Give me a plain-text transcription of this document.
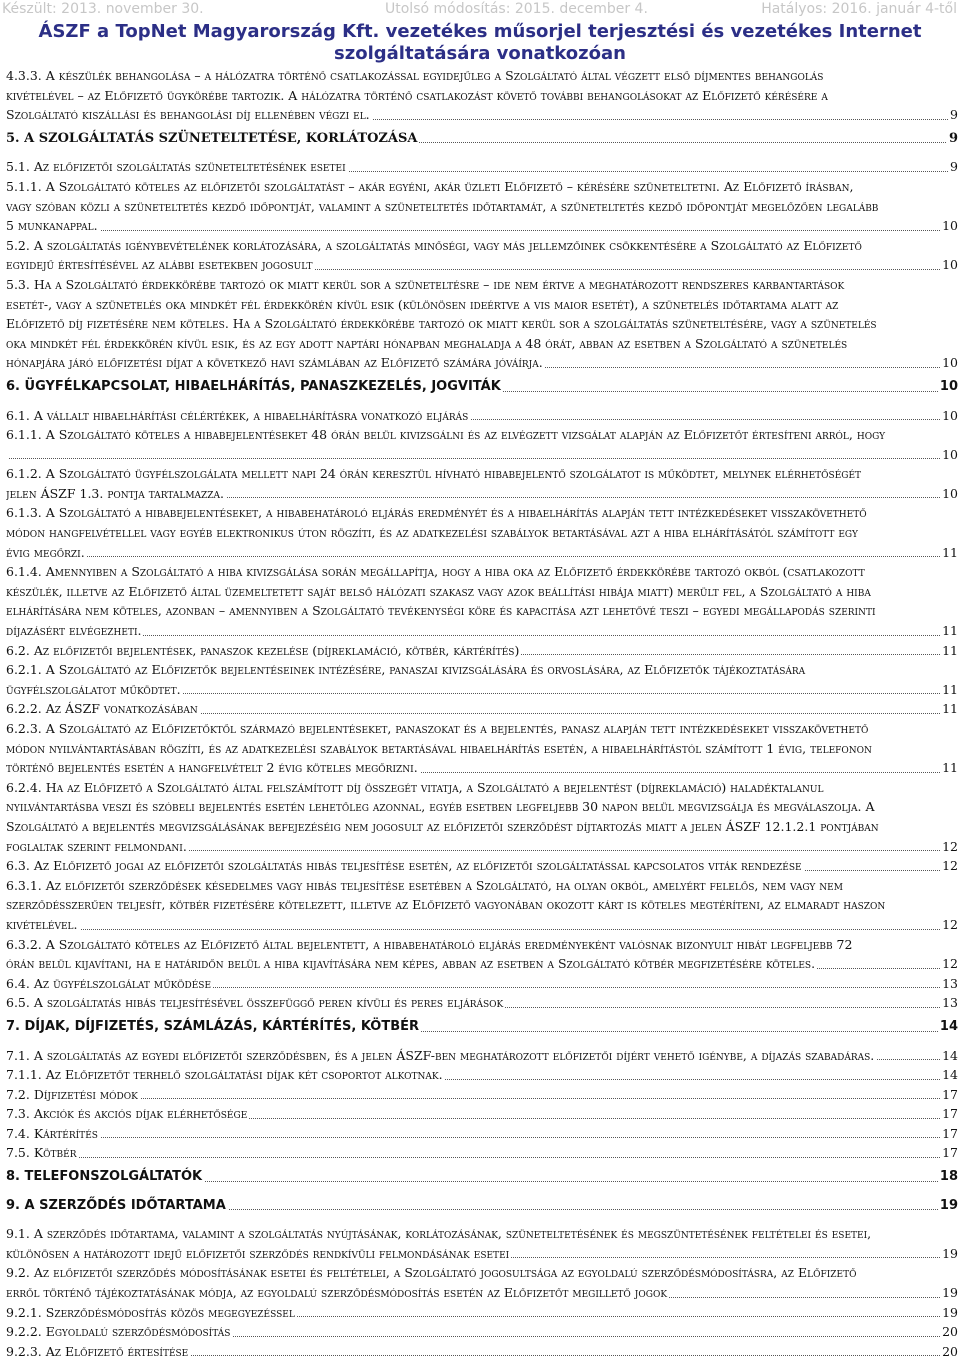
Készült: 2013. november 30.	Utolsó módosítás: 2015. december 4.	Hatályos: 2016. január 4-től
ÁSZF a TopNet Magyarország Kft. vezetékes műsorjel terjesztési és vezetékes Internet
szolgáltatására vonatkozóan
4.3.3. A készülék behangolása – a hálózatra történő csatlakozással egyidejűleg a Szolgáltató által végzett első díjmentes behangolás
kivételével – az Előfizető ügykörébe tartozik. A hálózatra történő csatlakozást követő további behangolásokat az Előfizető kérésére a
Szolgáltató kiszállási és behangolási díj ellenében végzi el.	9
5. A SZOLGÁLTATÁS SZÜNETELTETÉSE, KORLÁTOZÁSA	9
5.1. Az előfizetői szolgáltatás szüneteltetésének esetei	9
5.1.1. A Szolgáltató köteles az előfizetői szolgáltatást – akár egyéni, akár üzleti Előfizető – kérésére szüneteltetni. Az Előfizető írásban,
vagy szóban közli a szüneteltetés kezdő időpontját, valamint a szüneteltetés időtartamát, a szüneteltetés kezdő időpontját megelőzően legalább
5 munkanappal.	10
5.2. A szolgáltatás igénybevételének korlátozására, a szolgáltatás minőségi, vagy más jellemzőinek csökkentésére a Szolgáltató az Előfizető
egyidejű értesítésével az alábbi esetekben jogosult	10
5.3. Ha a Szolgáltató érdekkörébe tartozó ok miatt kerül sor a szüneteltésre – ide nem értve a meghatározott rendszeres karbantartások
esetét-, vagy a szünetelés oka mindkét fél érdekkörén kívül esik (különösen ideértve a vis maior esetét), a szünetelés időtartama alatt az
Előfizető díj fizetésére nem köteles. Ha a Szolgáltató érdekkörébe tartozó ok miatt kerül sor a szolgáltatás szüneteltésére, vagy a szünetelés
oka mindkét fél érdekkörén kívül esik, és az egy adott naptári hónapban meghaladja a 48 órát, abban az esetben a Szolgáltató a szünetelés
hónapjára járó előfizetési díjat a következő havi számlában az Előfizető számára jóváírja.	10
6. ÜGYFÉLKAPCSOLAT, HIBAELHÁRÍTÁS, PANASZKEZELÉS, JOGVITÁK	10
6.1. A vállalt hibaelhárítási célértékek, a hibaelhárításra vonatkozó eljárás	10
6.1.1. A Szolgáltató köteles a hibabejelentéseket 48 órán belül kivizsgálni és az elvégzett vizsgálat alapján az Előfizetőt értesíteni arról, hogy
10
6.1.2. A Szolgáltató ügyfélszolgálata mellett napi 24 órán keresztül hívható hibabejelentő szolgálatot is működtet, melynek elérhetőségét
jelen ÁSZF 1.3. pontja tartalmazza.	10
6.1.3. A Szolgáltató a hibabejelentéseket, a hibabehatároló eljárás eredményét és a hibaelhárítás alapján tett intézkedéseket visszakövethető
módon hangfelvétellel vagy egyéb elektronikus úton rögzíti, és az adatkezelési szabályok betartásával azt a hiba elhárításától számított egy
évig megőrzi.	11
6.1.4. Amennyiben a Szolgáltató a hiba kivizsgálása során megállapítja, hogy a hiba oka az Előfizető érdekkörébe tartozó okból (csatlakozott
készülék, illetve az Előfizető által üzemeltetett saját belső hálózati szakasz vagy azok beállítási hibája miatt) merült fel, a Szolgáltató a hiba
elhárítására nem köteles, azonban – amennyiben a Szolgáltató tevékenységi köre és kapacitása azt lehetővé teszi – egyedi megállapodás szerinti
díjazásért elvégezheti.	11
6.2. Az előfizetői bejelentések, panaszok kezelése (díjreklamáció, kötbér, kártérítés)	11
6.2.1. A Szolgáltató az Előfizetők bejelentéseinek intézésére, panaszai kivizsgálására és orvoslására, az Előfizetők tájékoztatására
ügyfélszolgálatot működtet.	11
6.2.2. Az ÁSZF vonatkozásában	11
6.2.3. A Szolgáltató az Előfizetőktől származó bejelentéseket, panaszokat és a bejelentés, panasz alapján tett intézkedéseket visszakövethető
módon nyilvántartásában rögzíti, és az adatkezelési szabályok betartásával hibaelhárítás esetén, a hibaelhárítástól számított 1 évig, telefonon
történő bejelentés esetén a hangfelvételt 2 évig köteles megőrizni.	11
6.2.4. Ha az Előfizető a Szolgáltató által felszámított díj összegét vitatja, a Szolgáltató a bejelentést (díjreklamáció) haladéktalanul
nyilvántartásba veszi és szóbeli bejelentés esetén lehetőleg azonnal, egyéb esetben legfeljebb 30 napon belül megvizsgálja és megválaszolja. A
Szolgáltató a bejelentés megvizsgálásának befejezéséig nem jogosult az előfizetői szerződést díjtartozás miatt a jelen ÁSZF 12.1.2.1 pontjában
foglaltak szerint felmondani.	12
6.3. Az Előfizető jogai az előfizetői szolgáltatás hibás teljesítése esetén, az előfizetői szolgáltatással kapcsolatos viták rendezése	12
6.3.1. Az előfizetői szerződések késedelmes vagy hibás teljesítése esetében a Szolgáltató, ha olyan okból, amelyért felelős, nem vagy nem
szerződésszerűen teljesít, kötbér fizetésére kötelezett, illetve az Előfizető vagyonában okozott kárt is köteles megtéríteni, az elmaradt haszon
kivételével.	12
6.3.2. A Szolgáltató köteles az Előfizető által bejelentett, a hibabehatároló eljárás eredményeként valósnak bizonyult hibát legfeljebb 72
órán belül kijavítani, ha e határidőn belül a hiba kijavítására nem képes, abban az esetben a Szolgáltató kötbér megfizetésére köteles.	12
6.4. Az ügyfélszolgálat működése	13
6.5. A szolgáltatás hibás teljesítésével összefüggő peren kívüli és peres eljárások	13
7. DÍJAK, DÍJFIZETÉS, SZÁMLÁZÁS, KÁRTÉRÍTÉS, KÖTBÉR	14
7.1. A szolgáltatás az egyedi előfizetői szerződésben, és a jelen ÁSZF-ben meghatározott előfizetői díjért vehető igénybe, a díjazás szabadáras.	14
7.1.1. Az Előfizetőt terhelő szolgáltatási díjak két csoportot alkotnak.	14
7.2. Díjfizetési módok	17
7.3. Akciók és akciós díjak elérhetősége	17
7.4. Kártérítés	17
7.5. Kötbér	17
8. TELEFONSZOLGÁLTATÓK	18
9. A SZERZŐDÉS IDŐTARTAMA	19
9.1. A szerződés időtartama, valamint a szolgáltatás nyújtásának, korlátozásának, szüneteltetésének és megszüntetésének feltételei és esetei,
különösen a határozott idejű előfizetői szerződés rendkívüli felmondásának esetei	19
9.2. Az előfizetői szerződés módosításának esetei és feltételei, a Szolgáltató jogosultsága az egyoldalú szerződésmódosításra, az Előfizető
erről történő tájékoztatásának módja, az egyoldalú szerződésmódosítás esetén az Előfizetőt megillető jogok	19
9.2.1. Szerződésmódosítás közös megegyezéssel	19
9.2.2. Egyoldalú szerződésmódosítás	20
9.2.3. Az Előfizető értesítése	20
